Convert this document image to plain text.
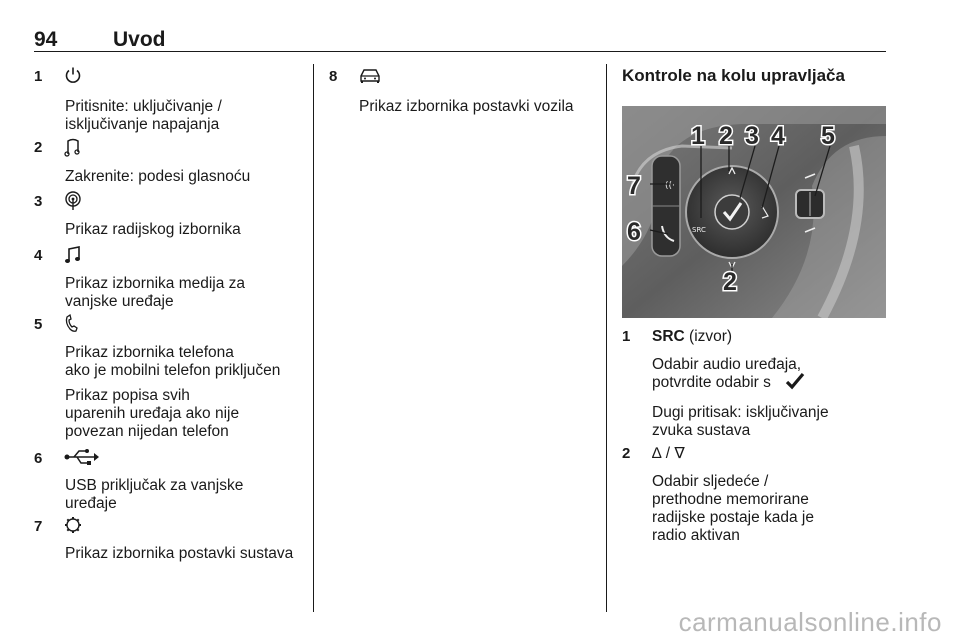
94	Uvod
1
Pritisnite: uključivanje /
isključivanje napajanja
2
Zakrenite: podesi glasnoću
3
Prikaz radijskog izbornika
4
Prikaz izbornika medija za
vanjske uređaje
5
Prikaz izbornika telefona
ako je mobilni telefon priključen
Prikaz popisa svih
uparenih uređaja ako nije
povezan nijedan telefon
6
USB priključak za vanjske
uređaje
7
Prikaz izbornika postavki sustava
8
Prikaz izbornika postavki vozila
Kontrole na kolu upravljača
((·
SRC
1 2 3 4 5
6
7
2
1 SRC (izvor)
Odabir audio uređaja,
potvrdite odabir s
Dugi pritisak: isključivanje
zvuka sustava
2 ∆ / ∇
Odabir sljedeće /
prethodne memorirane
radijske postaje kada je
radio aktivan
carmanualsonline.info
